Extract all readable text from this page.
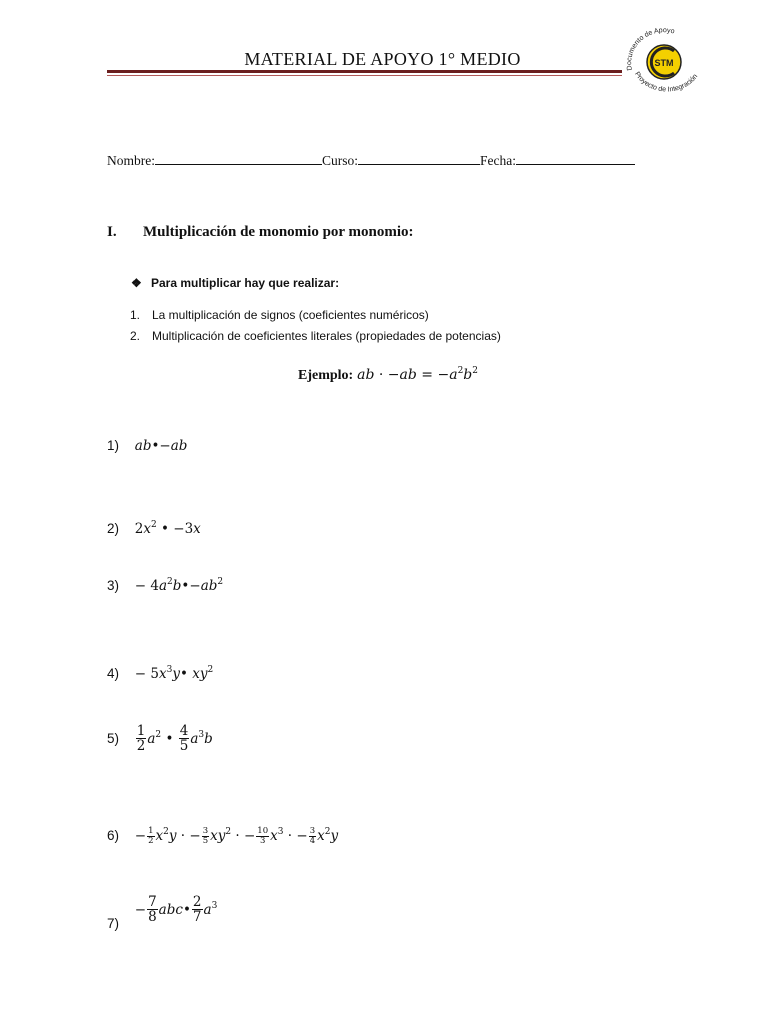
MATERIAL DE APOYO 1° MEDIO	Documento de Apoyo
Proyecto de Integración
STM
Nombre:	Curso:	Fecha:
I. Multiplicación de monomio por monomio:
❖ Para multiplicar hay que realizar:
1. La multiplicación de signos (coeficientes numéricos)
2. Multiplicación de coeficientes literales (propiedades de potencias)
Ejemplo: ab · $-ab = -a^2b^2$
1) ab•−ab
2) $2x^2$ • −3x
$3) - 4a^2b•-ab^2$
$4) - 5x^3y•$ $xy^2$
$5) \frac{1}{2} a^2$ • $\frac{4}{5} a^3b$
$6) - \frac{1}{2} x^2y$ · − $\frac{3}{5} xy^2$ · − $\frac{10}{3} x^3$ · − $\frac{3}{4} x^2y$
$7) - \frac{7}{8}$ abc• $\frac{2}{7} a^3$
